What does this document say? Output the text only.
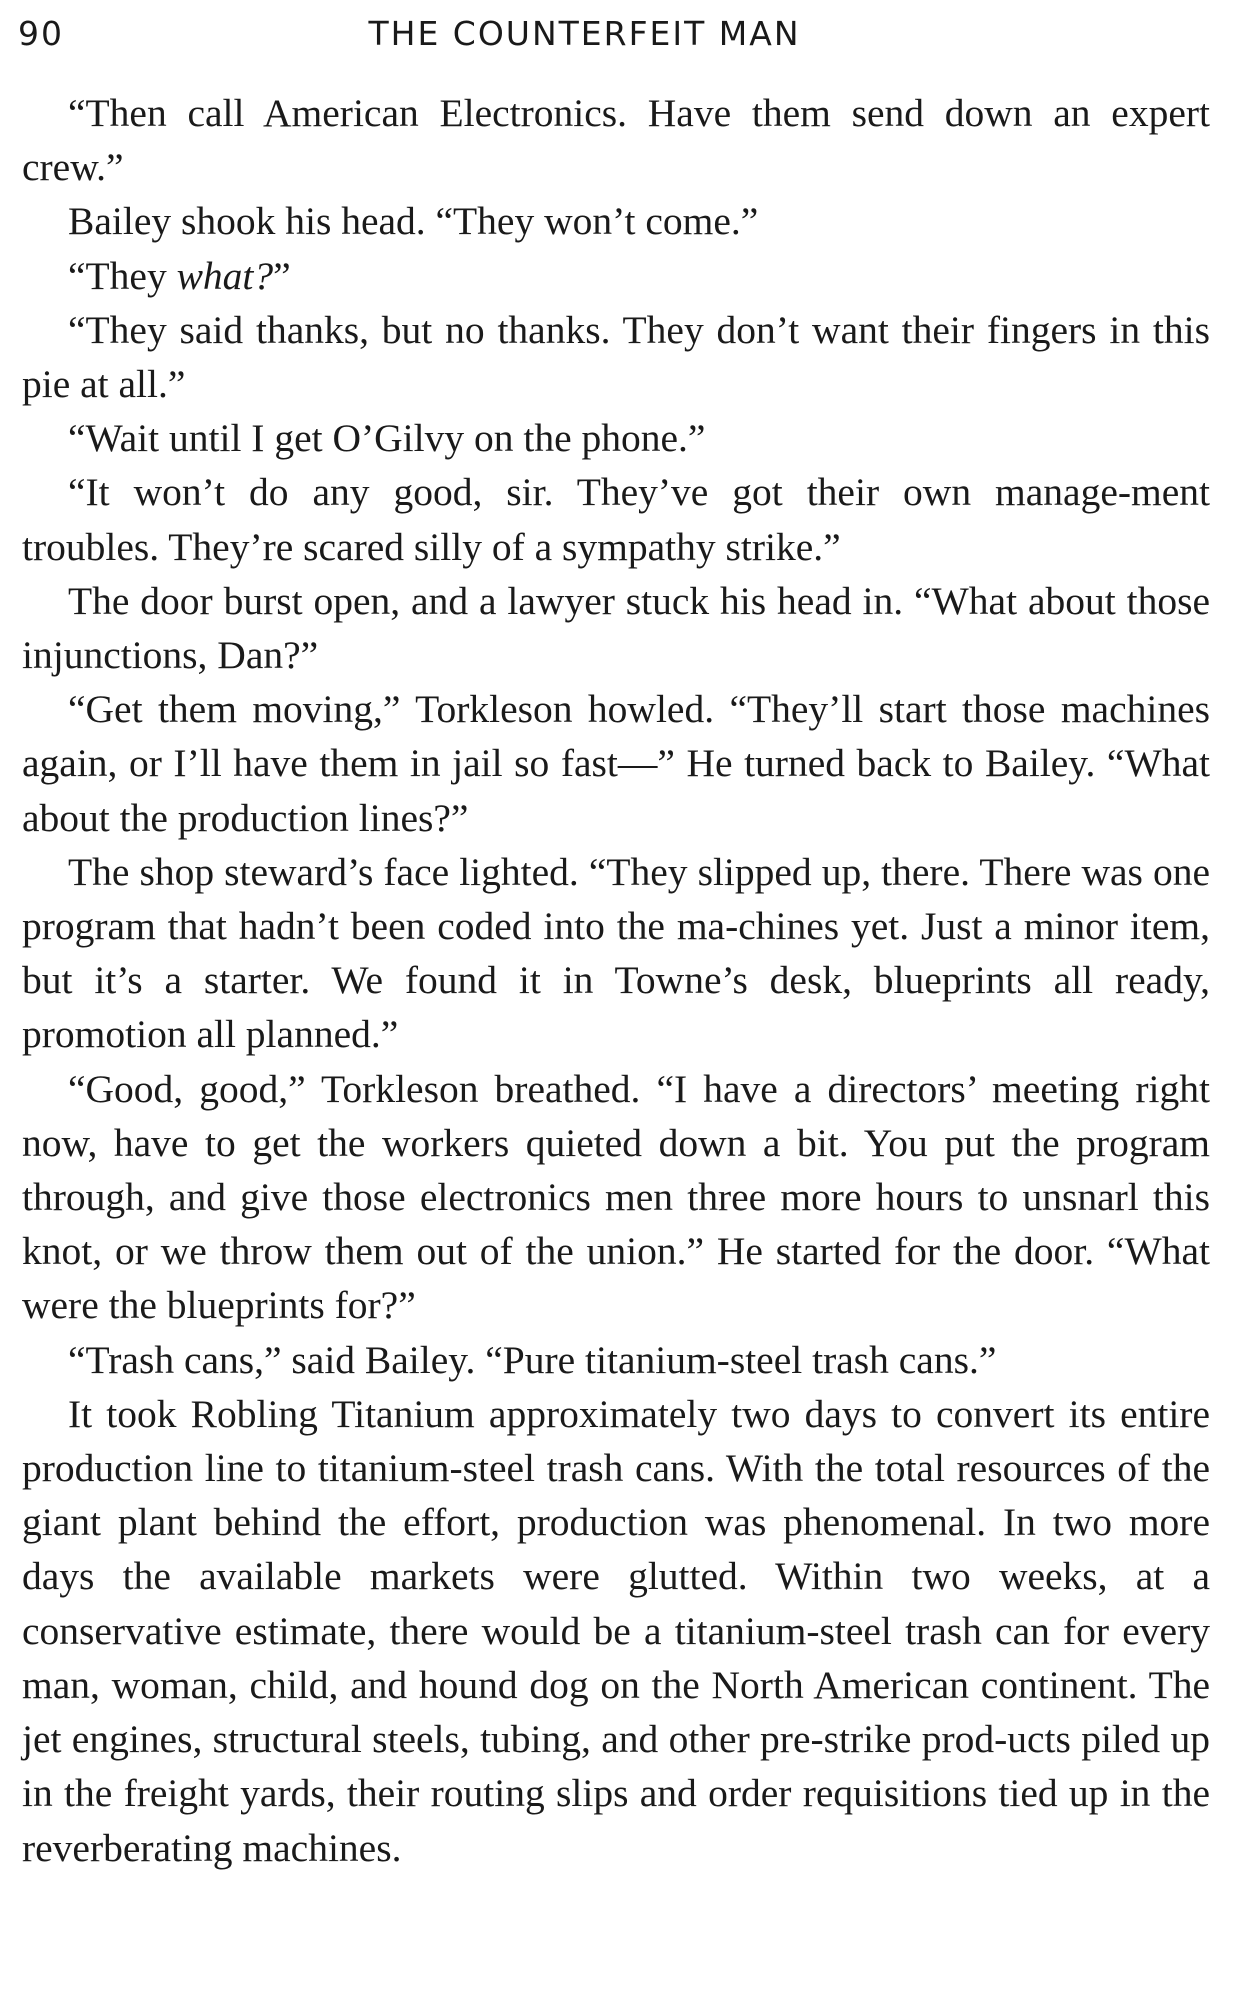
90	THE COUNTERFEIT MAN

“Then call American Electronics. Have them send down an expert crew.”

Bailey shook his head. “They won’t come.”

“They what?”

“They said thanks, but no thanks. They don’t want their fingers in this pie at all.”

“Wait until I get O’Gilvy on the phone.”

“It won’t do any good, sir. They’ve got their own manage-ment troubles. They’re scared silly of a sympathy strike.”

The door burst open, and a lawyer stuck his head in. “What about those injunctions, Dan?”

“Get them moving,” Torkleson howled. “They’ll start those machines again, or I’ll have them in jail so fast—” He turned back to Bailey. “What about the production lines?”

The shop steward’s face lighted. “They slipped up, there. There was one program that hadn’t been coded into the ma-chines yet. Just a minor item, but it’s a starter. We found it in Towne’s desk, blueprints all ready, promotion all planned.”

“Good, good,” Torkleson breathed. “I have a directors’ meeting right now, have to get the workers quieted down a bit. You put the program through, and give those electronics men three more hours to unsnarl this knot, or we throw them out of the union.” He started for the door. “What were the blueprints for?”

“Trash cans,” said Bailey. “Pure titanium-steel trash cans.”

It took Robling Titanium approximately two days to convert its entire production line to titanium-steel trash cans. With the total resources of the giant plant behind the effort, production was phenomenal. In two more days the available markets were glutted. Within two weeks, at a conservative estimate, there would be a titanium-steel trash can for every man, woman, child, and hound dog on the North American continent. The jet engines, structural steels, tubing, and other pre-strike prod-ucts piled up in the freight yards, their routing slips and order requisitions tied up in the reverberating machines.
